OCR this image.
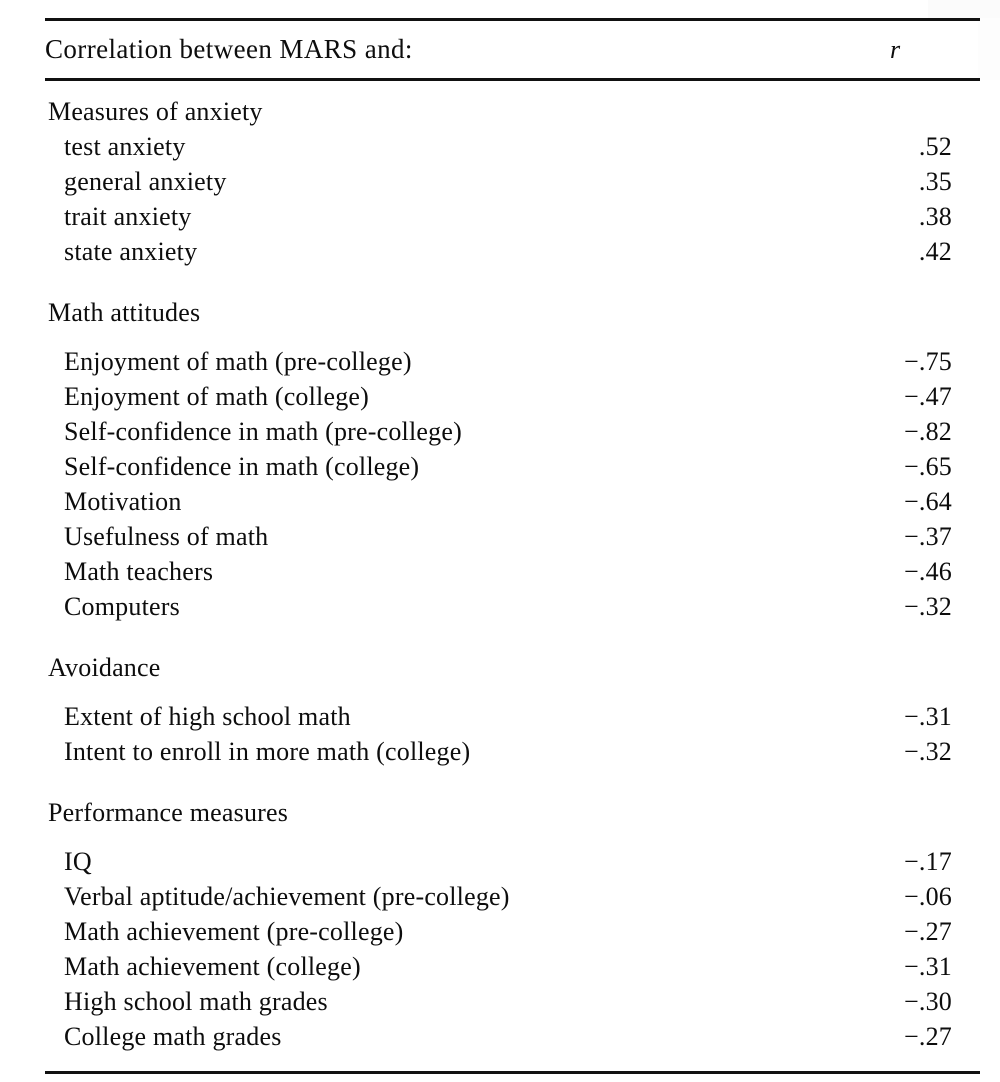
Correlation between MARS and:	r

Measures of anxiety	
test anxiety	.52
general anxiety	.35
trait anxiety	.38
state anxiety	.42

Math attitudes	

Enjoyment of math (pre-college)	−.75
Enjoyment of math (college)	−.47
Self-confidence in math (pre-college)	−.82
Self-confidence in math (college)	−.65
Motivation	−.64
Usefulness of math	−.37
Math teachers	−.46
Computers	−.32

Avoidance	

Extent of high school math	−.31
Intent to enroll in more math (college)	−.32

Performance measures	

IQ	−.17
Verbal aptitude/achievement (pre-college)	−.06
Math achievement (pre-college)	−.27
Math achievement (college)	−.31
High school math grades	−.30
College math grades	−.27
